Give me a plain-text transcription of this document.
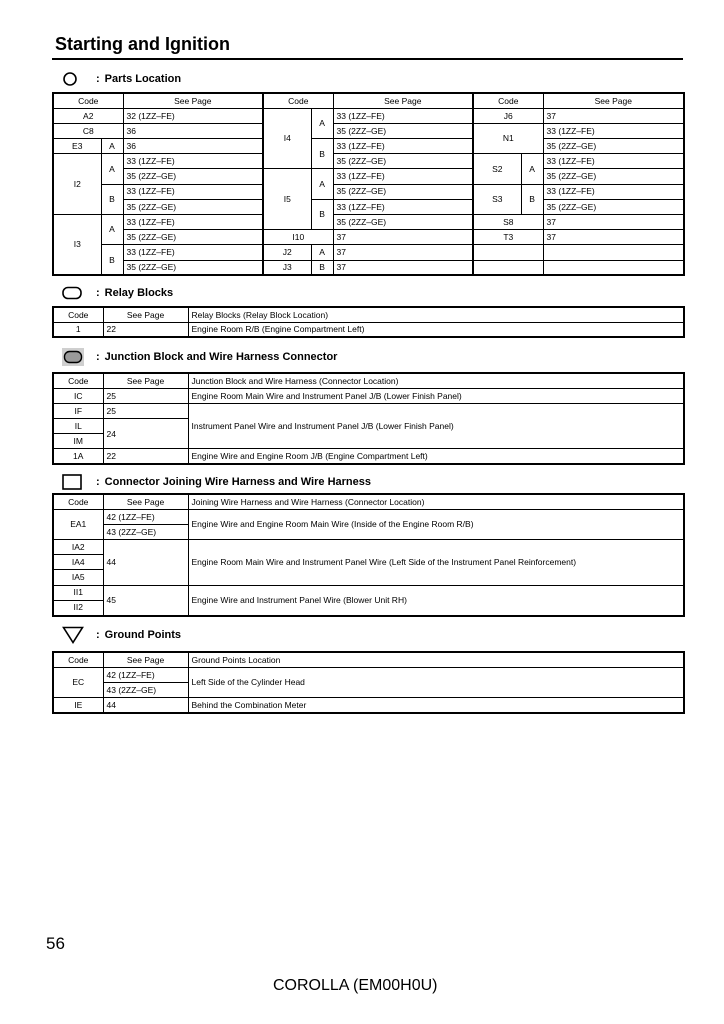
Starting and Ignition
: Parts Location
Code		See Page	Code		See Page	Code		See Page
A2		32 (1ZZ–FE)	I4	A	33 (1ZZ–FE)	J6		37
C8		36			35 (2ZZ–GE)	N1		33 (1ZZ–FE)
E3	A	36		B	33 (1ZZ–FE)			35 (2ZZ–GE)
I2	A	33 (1ZZ–FE)			35 (2ZZ–GE)	S2	A	33 (1ZZ–FE)
		35 (2ZZ–GE)	I5	A	33 (1ZZ–FE)			35 (2ZZ–GE)
	B	33 (1ZZ–FE)			35 (2ZZ–GE)	S3	B	33 (1ZZ–FE)
		35 (2ZZ–GE)		B	33 (1ZZ–FE)			35 (2ZZ–GE)
I3	A	33 (1ZZ–FE)			35 (2ZZ–GE)	S8		37
		35 (2ZZ–GE)	I10		37	T3		37
	B	33 (1ZZ–FE)	J2	A	37			
		35 (2ZZ–GE)	J3	B	37			
: Relay Blocks
Code	See Page	Relay Blocks (Relay Block Location)
1	22	Engine Room R/B (Engine Compartment Left)
: Junction Block and Wire Harness Connector
Code	See Page	Junction Block and Wire Harness (Connector Location)
IC	25	Engine Room Main Wire and Instrument Panel J/B (Lower Finish Panel)
IF	25	Instrument Panel Wire and Instrument Panel J/B (Lower Finish Panel)
IL	24	
IM		
1A	22	Engine Wire and Engine Room J/B (Engine Compartment Left)
: Connector Joining Wire Harness and Wire Harness
Code	See Page	Joining Wire Harness and Wire Harness (Connector Location)
EA1	42 (1ZZ–FE)	Engine Wire and Engine Room Main Wire (Inside of the Engine Room R/B)
	43 (2ZZ–GE)	
IA2	44	Engine Room Main Wire and Instrument Panel Wire (Left Side of the Instrument Panel Reinforcement)
IA4		
IA5		
II1	45	Engine Wire and Instrument Panel Wire (Blower Unit RH)
II2		
: Ground Points
Code	See Page	Ground Points Location
EC	42 (1ZZ–FE)	Left Side of the Cylinder Head
	43 (2ZZ–GE)	
IE	44	Behind the Combination Meter
56
COROLLA (EM00H0U)
